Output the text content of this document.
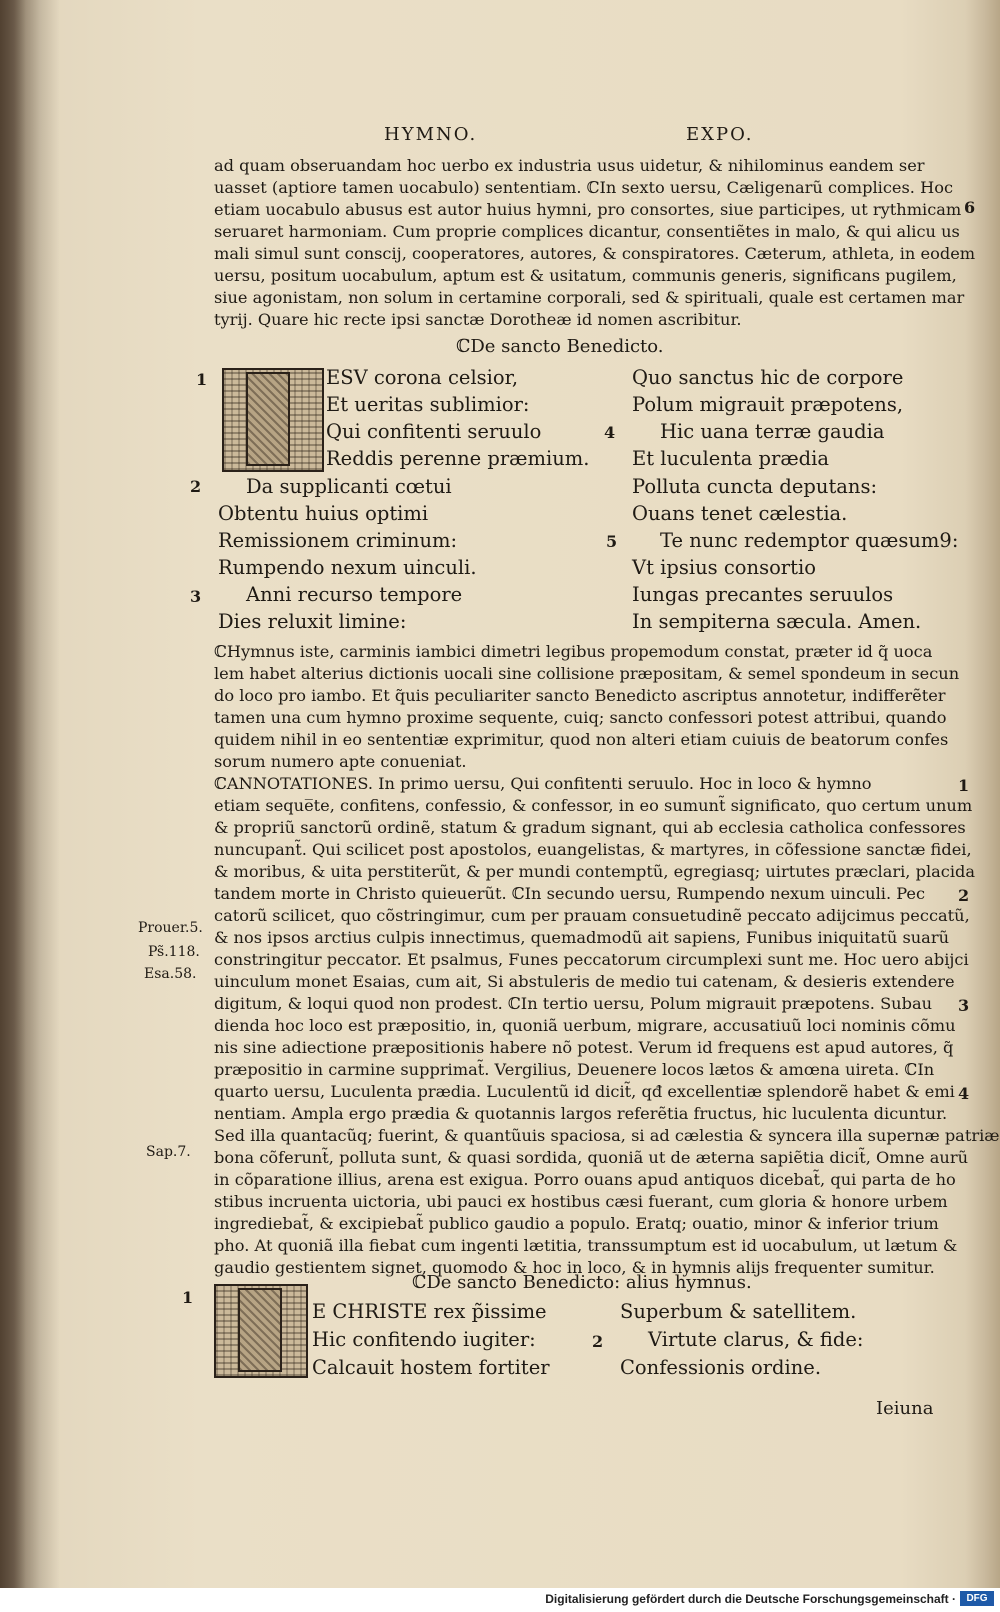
HYMNO.	EXPO.
ad quam obseruandam hoc uerbo ex industria usus uidetur, & nihilominus eandem ser
uasset (aptiore tamen uocabulo) sententiam. ℂIn sexto uersu, Cæligenarũ complices. Hoc
etiam uocabulo abusus est autor huius hymni, pro consortes, siue participes, ut rythmicam
seruaret harmoniam. Cum proprie complices dicantur, consentiẽtes in malo, & qui alicu us
mali simul sunt conscij, cooperatores, autores, & conspiratores. Cæterum, athleta, in eodem
uersu, positum uocabulum, aptum est & usitatum, communis generis, significans pugilem,
siue agonistam, non solum in certamine corporali, sed & spirituali, quale est certamen mar
tyrij. Quare hic recte ipsi sanctæ Dorotheæ id nomen ascribitur.
6
ℂDe sancto Benedicto.
ESV corona celsior,
Et ueritas sublimior:
Qui confitenti seruulo
Reddis perenne præmium.
Da supplicanti cœtui
Obtentu huius optimi
Remissionem criminum:
Rumpendo nexum uinculi.
Anni recurso tempore
Dies reluxit limine:
Quo sanctus hic de corpore
Polum migrauit præpotens,
Hic uana terræ gaudia
Et luculenta prædia
Polluta cuncta deputans:
Ouans tenet cælestia.
Te nunc redemptor quæsum9:
Vt ipsius consortio
Iungas precantes seruulos
In sempiterna sæcula. Amen.
1
2
3
4
5
ℂHymnus iste, carminis iambici dimetri legibus propemodum constat, præter id q̃ uoca
lem habet alterius dictionis uocali sine collisione præpositam, & semel spondeum in secun
do loco pro iambo. Et q̃uis peculiariter sancto Benedicto ascriptus annotetur, indifferẽter
tamen una cum hymno proxime sequente, cuiq; sancto confessori potest attribui, quando
quidem nihil in eo sententiæ exprimitur, quod non alteri etiam cuiuis de beatorum confes
sorum numero apte conueniat.
ℂANNOTATIONES. In primo uersu, Qui confitenti seruulo. Hoc in loco & hymno
etiam seque̅te, confitens, confessio, & confessor, in eo sumunt̃ significato, quo certum unum
& propriũ sanctorũ ordinẽ, statum & gradum signant, qui ab ecclesia catholica confessores
nuncupant̃. Qui scilicet post apostolos, euangelistas, & martyres, in cõfessione sanctæ fidei,
& moribus, & uita perstiterũt, & per mundi contemptũ, egregiasq; uirtutes præclari, placida
tandem morte in Christo quieuerũt. ℂIn secundo uersu, Rumpendo nexum uinculi. Pec
catorũ scilicet, quo cõstringimur, cum per prauam consuetudinẽ peccato adijcimus peccatũ,
& nos ipsos arctius culpis innectimus, quemadmodũ ait sapiens, Funibus iniquitatũ suarũ
constringitur peccator. Et psalmus, Funes peccatorum circumplexi sunt me. Hoc uero abijci
uinculum monet Esaias, cum ait, Si abstuleris de medio tui catenam, & desieris extendere
digitum, & loqui quod non prodest. ℂIn tertio uersu, Polum migrauit præpotens. Subau
dienda hoc loco est præpositio, in, quoniã uerbum, migrare, accusatiuũ loci nominis cõmu
nis sine adiectione præpositionis habere nõ potest. Verum id frequens est apud autores, q̃
præpositio in carmine supprimat̃. Vergilius, Deuenere locos lætos & amœna uireta. ℂIn
quarto uersu, Luculenta prædia. Luculentũ id dicit̃, qđ excellentiæ splendorẽ habet & emi
nentiam. Ampla ergo prædia & quotannis largos referẽtia fructus, hic luculenta dicuntur.
Sed illa quantacũq; fuerint, & quantũuis spaciosa, si ad cælestia & syncera illa supernæ patriæ
bona cõferunt̃, polluta sunt, & quasi sordida, quoniã ut de æterna sapiẽtia dicit̃, Omne aurũ
in cõparatione illius, arena est exigua. Porro ouans apud antiquos dicebat̃, qui parta de ho
stibus incruenta uictoria, ubi pauci ex hostibus cæsi fuerant, cum gloria & honore urbem
ingrediebat̃, & excipiebat̃ publico gaudio a populo. Eratq; ouatio, minor & inferior trium
pho. At quoniã illa fiebat cum ingenti lætitia, transsumptum est id uocabulum, ut lætum &
gaudio gestientem signet, quomodo & hoc in loco, & in hymnis alijs frequenter sumitur.
Prouer.5.
Ps̃.118.
Esa.58.
Sap.7.
1
2
3
4
ℂDe sancto Benedicto: alius hymnus.
E CHRISTE rex p̃issime
Hic confitendo iugiter:
Calcauit hostem fortiter
Superbum & satellitem.
Virtute clarus, & fide:
Confessionis ordine.
1
2
Ieiuna
Digitalisierung gefördert durch die Deutsche Forschungsgemeinschaft ·	DFG
